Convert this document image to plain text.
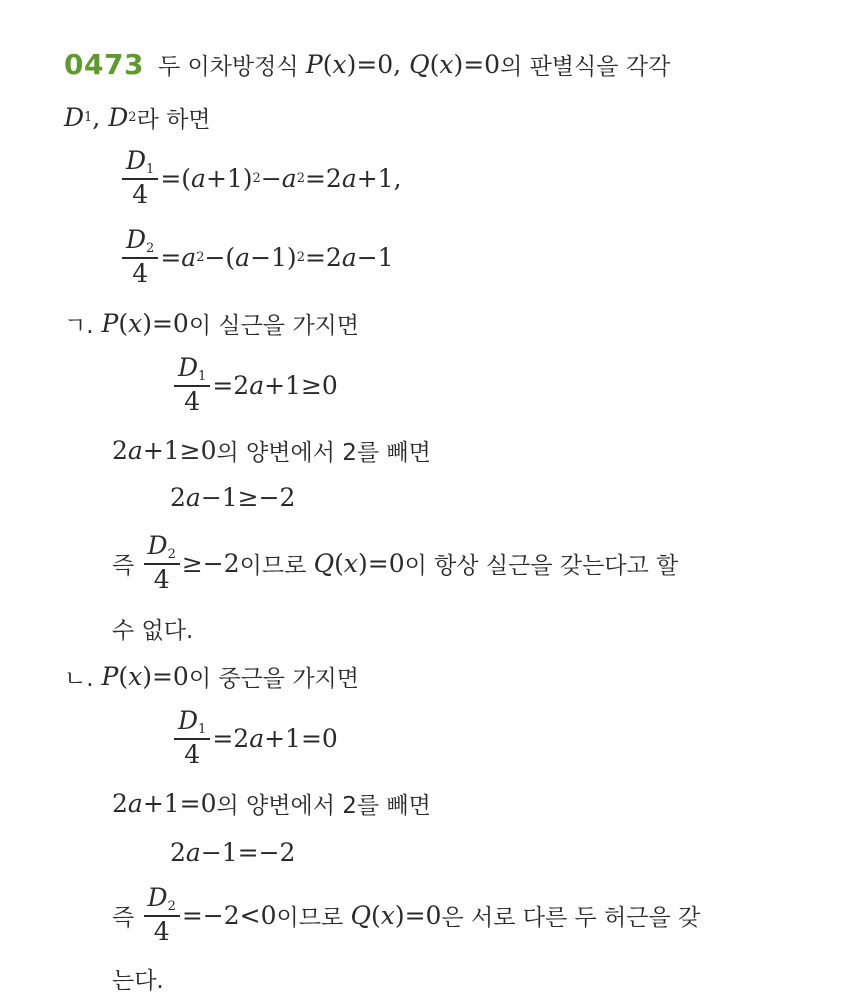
0473 두 이차방정식 P ( x )=0, Q ( x )=0 의 판별식을 각각
D 1 , D 2 라 하면
$\frac{D_1}{4}$ =( a +1) 2 − a 2 =2 a +1,
$\frac{D_2}{4} = a$ 2 −( a −1) 2 =2 a −1
ㄱ. P ( x )=0 이 실근을 가지면
$\frac{D_1}{4} =2$ a +1≥0
2 a +1≥0 의 양변에서 2를 빼면
2 a −1≥−2
즉 $\frac{D_2}{4} \ge-2$ 이므로 Q ( x )=0 이 항상 실근을 갖는다고 할
수 없다.
ㄴ. P ( x )=0 이 중근을 가지면
$\frac{D_1}{4} =2$ a +1=0
2 a +1=0 의 양변에서 2를 빼면
2 a −1=−2
즉 $\frac{D_2}{4} =-2<0$ 이므로 Q ( x )=0 은 서로 다른 두 허근을 갖
는다.
